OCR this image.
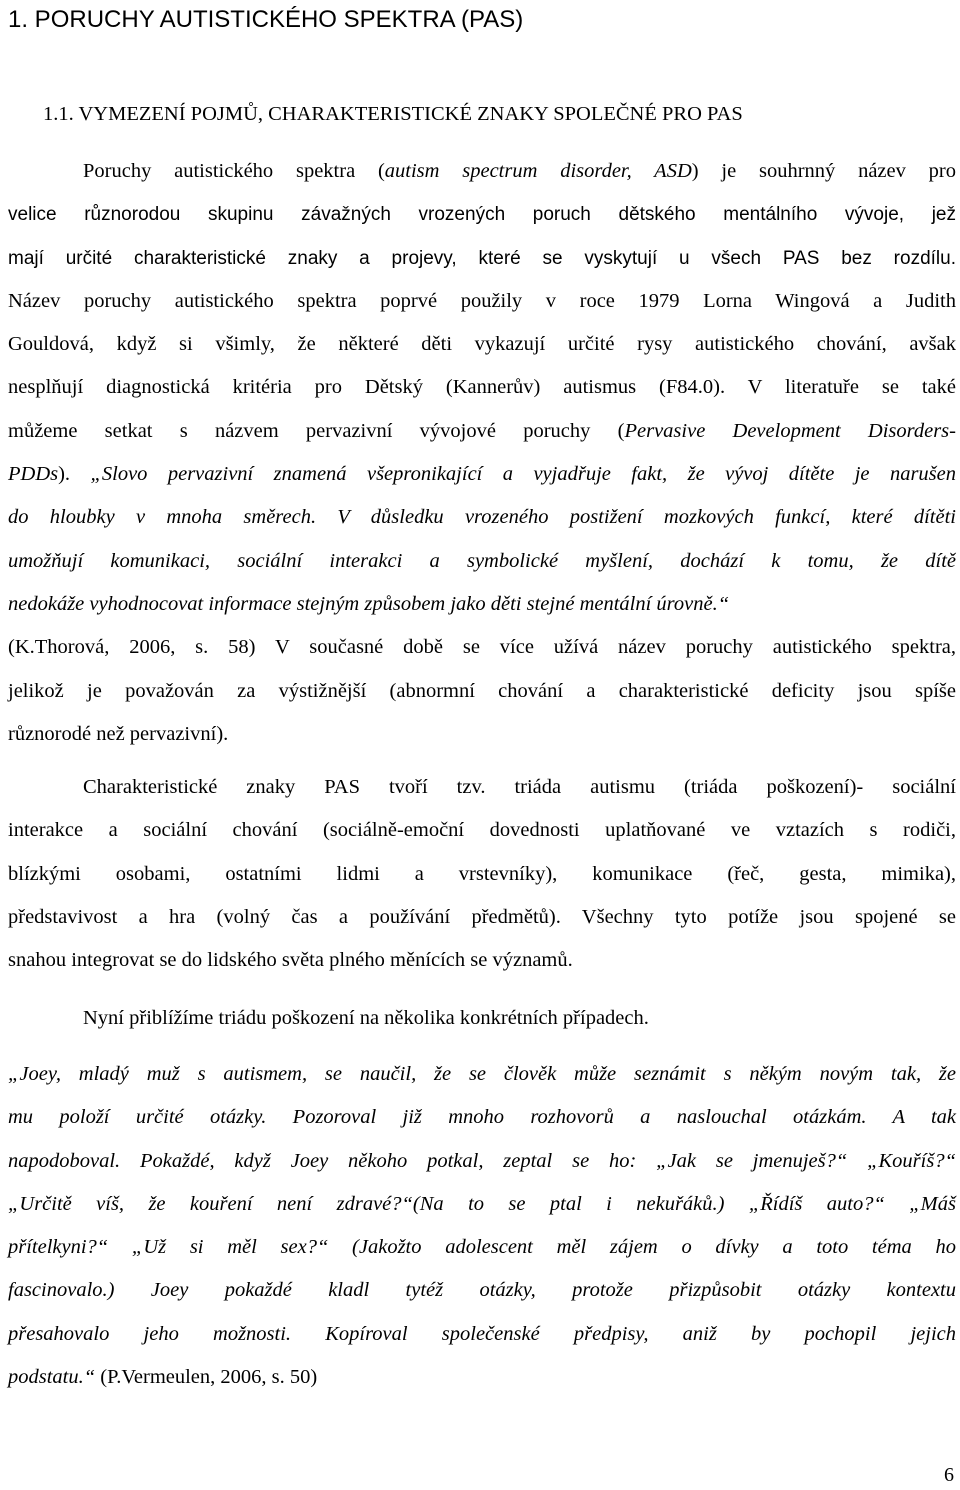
1. PORUCHY AUTISTICKÉHO SPEKTRA (PAS)
1.1. VYMEZENÍ POJMŮ, CHARAKTERISTICKÉ ZNAKY SPOLEČNÉ PRO PAS
Poruchy autistického spektra (autism spectrum disorder, ASD) je souhrnný název pro
velice různorodou skupinu závažných vrozených poruch dětského mentálního vývoje, jež
mají určité charakteristické znaky a projevy, které se vyskytují u všech PAS bez rozdílu.
Název poruchy autistického spektra poprvé použily v roce 1979 Lorna Wingová a Judith
Gouldová, když si všimly, že některé děti vykazují určité rysy autistického chování, avšak
nesplňují diagnostická kritéria pro Dětský (Kannerův) autismus (F84.0). V literatuře se také
můžeme setkat s názvem pervazivní vývojové poruchy (Pervasive Development Disorders-
PDDs). „Slovo pervazivní znamená všepronikající a vyjadřuje fakt, že vývoj dítěte je narušen
do hloubky v mnoha směrech. V důsledku vrozeného postižení mozkových funkcí, které dítěti
umožňují komunikaci, sociální interakci a symbolické myšlení, dochází k tomu, že dítě
nedokáže vyhodnocovat informace stejným způsobem jako děti stejné mentální úrovně.“
(K.Thorová, 2006, s. 58) V současné době se více užívá název poruchy autistického spektra,
jelikož je považován za výstižnější (abnormní chování a charakteristické deficity jsou spíše
různorodé než pervazivní).
Charakteristické znaky PAS tvoří tzv. triáda autismu (triáda poškození)- sociální
interakce a sociální chování (sociálně-emoční dovednosti uplatňované ve vztazích s rodiči,
blízkými osobami, ostatními lidmi a vrstevníky), komunikace (řeč, gesta, mimika),
představivost a hra (volný čas a používání předmětů). Všechny tyto potíže jsou spojené se
snahou integrovat se do lidského světa plného měnících se významů.
Nyní přiblížíme triádu poškození na několika konkrétních případech.
„Joey, mladý muž s autismem, se naučil, že se člověk může seznámit s někým novým tak, že
mu položí určité otázky. Pozoroval již mnoho rozhovorů a naslouchal otázkám. A tak
napodoboval. Pokaždé, když Joey někoho potkal, zeptal se ho: „Jak se jmenuješ?“ „Kouříš?“
„Určitě víš, že kouření není zdravé?“(Na to se ptal i nekuřáků.) „Řídíš auto?“ „Máš
přítelkyni?“ „Už si měl sex?“ (Jakožto adolescent měl zájem o dívky a toto téma ho
fascinovalo.) Joey pokaždé kladl tytéž otázky, protože přizpůsobit otázky kontextu
přesahovalo jeho možnosti. Kopíroval společenské předpisy, aniž by pochopil jejich
podstatu.“ (P.Vermeulen, 2006, s. 50)
6
